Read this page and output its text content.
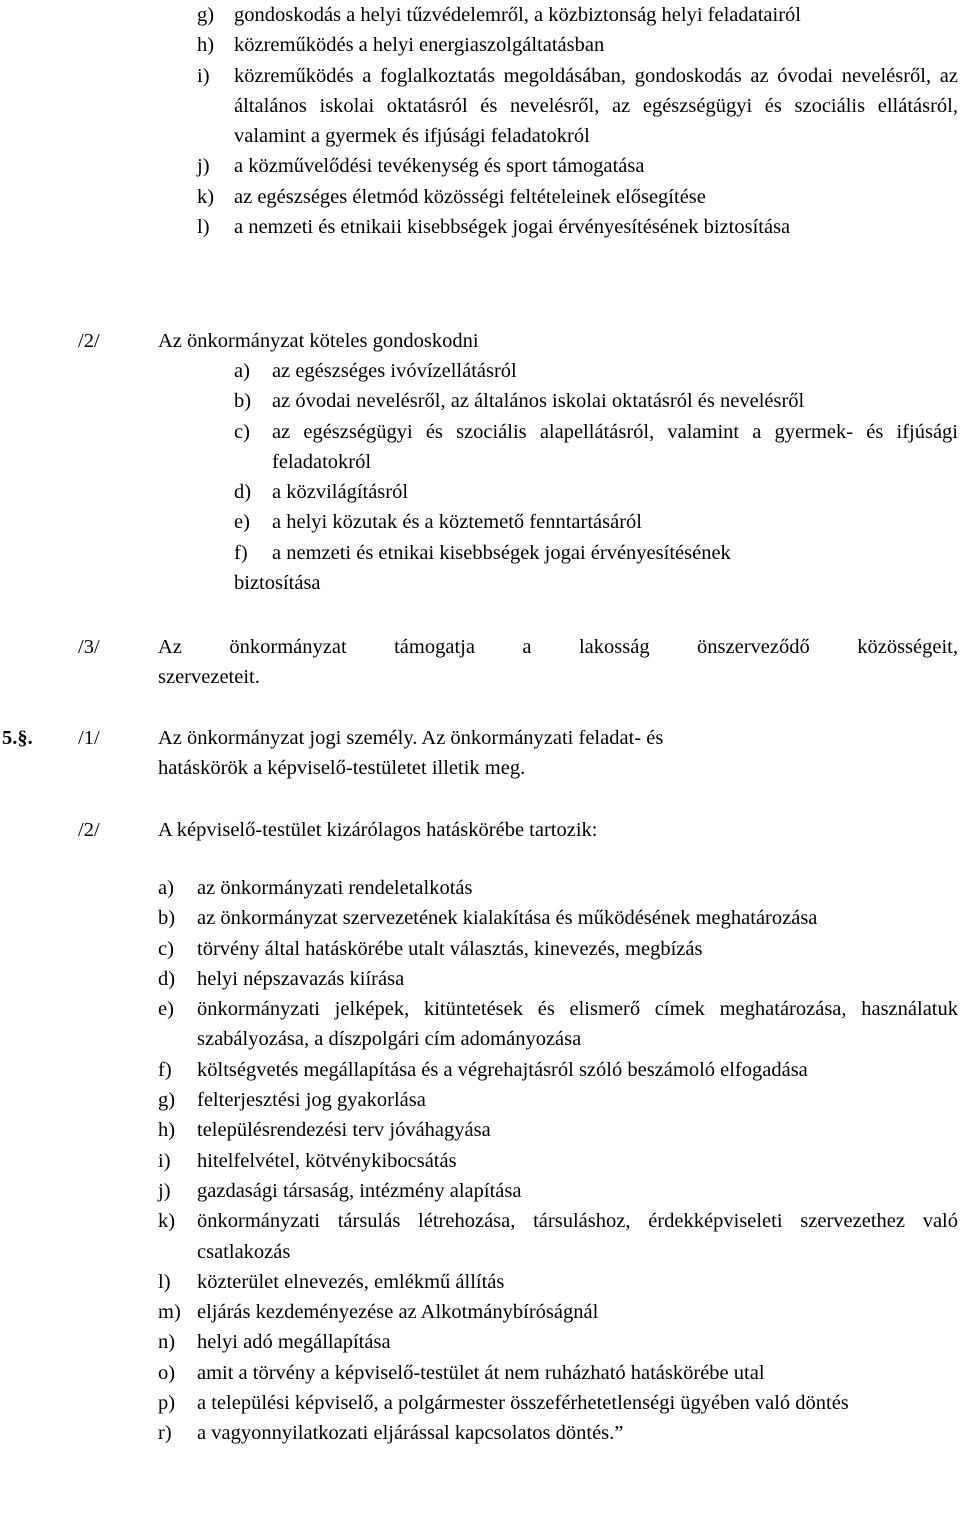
g) gondoskodás a helyi tűzvédelemről, a közbiztonság helyi feladatairól
h) közreműködés a helyi energiaszolgáltatásban
i)	közreműködés a foglalkoztatás megoldásában, gondoskodás az óvodai nevelésről, az általános iskolai oktatásról és nevelésről, az egészségügyi és szociális ellátásról, valamint a gyermek és ifjúsági feladatokról
j)	a közművelődési tevékenység és sport támogatása
k) az egészséges életmód közösségi feltételeinek elősegítése
l)	a nemzeti és etnikaii kisebbségek jogai érvényesítésének biztosítása
/2/	Az önkormányzat köteles gondoskodni
a)	az egészséges ivóvízellátásról
b)	az óvodai nevelésről, az általános iskolai oktatásról és nevelésről
c)	az egészségügyi és szociális alapellátásról, valamint a gyermek- és ifjúsági feladatokról
d)	a közvilágításról
e)	a helyi közutak és a köztemető fenntartásáról
f)	a nemzeti és etnikai kisebbségek jogai érvényesítésének
biztosítása
/3/	Az önkormányzat támogatja a lakosság önszerveződő közösségeit,
szervezeteit.
5.§.	/1/	Az önkormányzat jogi személy. Az önkormányzati feladat- és
hatáskörök a képviselő-testületet illetik meg.
/2/	A képviselő-testület kizárólagos hatáskörébe tartozik:
a)	az önkormányzati rendeletalkotás
b)	az önkormányzat szervezetének kialakítása és működésének meghatározása
c)	törvény által hatáskörébe utalt választás, kinevezés, megbízás
d)	helyi népszavazás kiírása
e)	önkormányzati jelképek, kitüntetések és elismerő címek meghatározása, használatuk szabályozása, a díszpolgári cím adományozása
f)	költségvetés megállapítása és a végrehajtásról szóló beszámoló elfogadása
g)	felterjesztési jog gyakorlása
h)	településrendezési terv jóváhagyása
i)	hitelfelvétel, kötvénykibocsátás
j)	gazdasági társaság, intézmény alapítása
k)	önkormányzati társulás létrehozása, társuláshoz, érdekképviseleti szervezethez való csatlakozás
l)	közterület elnevezés, emlékmű állítás
m) eljárás kezdeményezése az Alkotmánybíróságnál
n)	helyi adó megállapítása
o)	amit a törvény a képviselő-testület át nem ruházható hatáskörébe utal
p)	a települési képviselő, a polgármester összeférhetetlenségi ügyében való döntés
r)	a vagyonnyilatkozati eljárással kapcsolatos döntés.”
